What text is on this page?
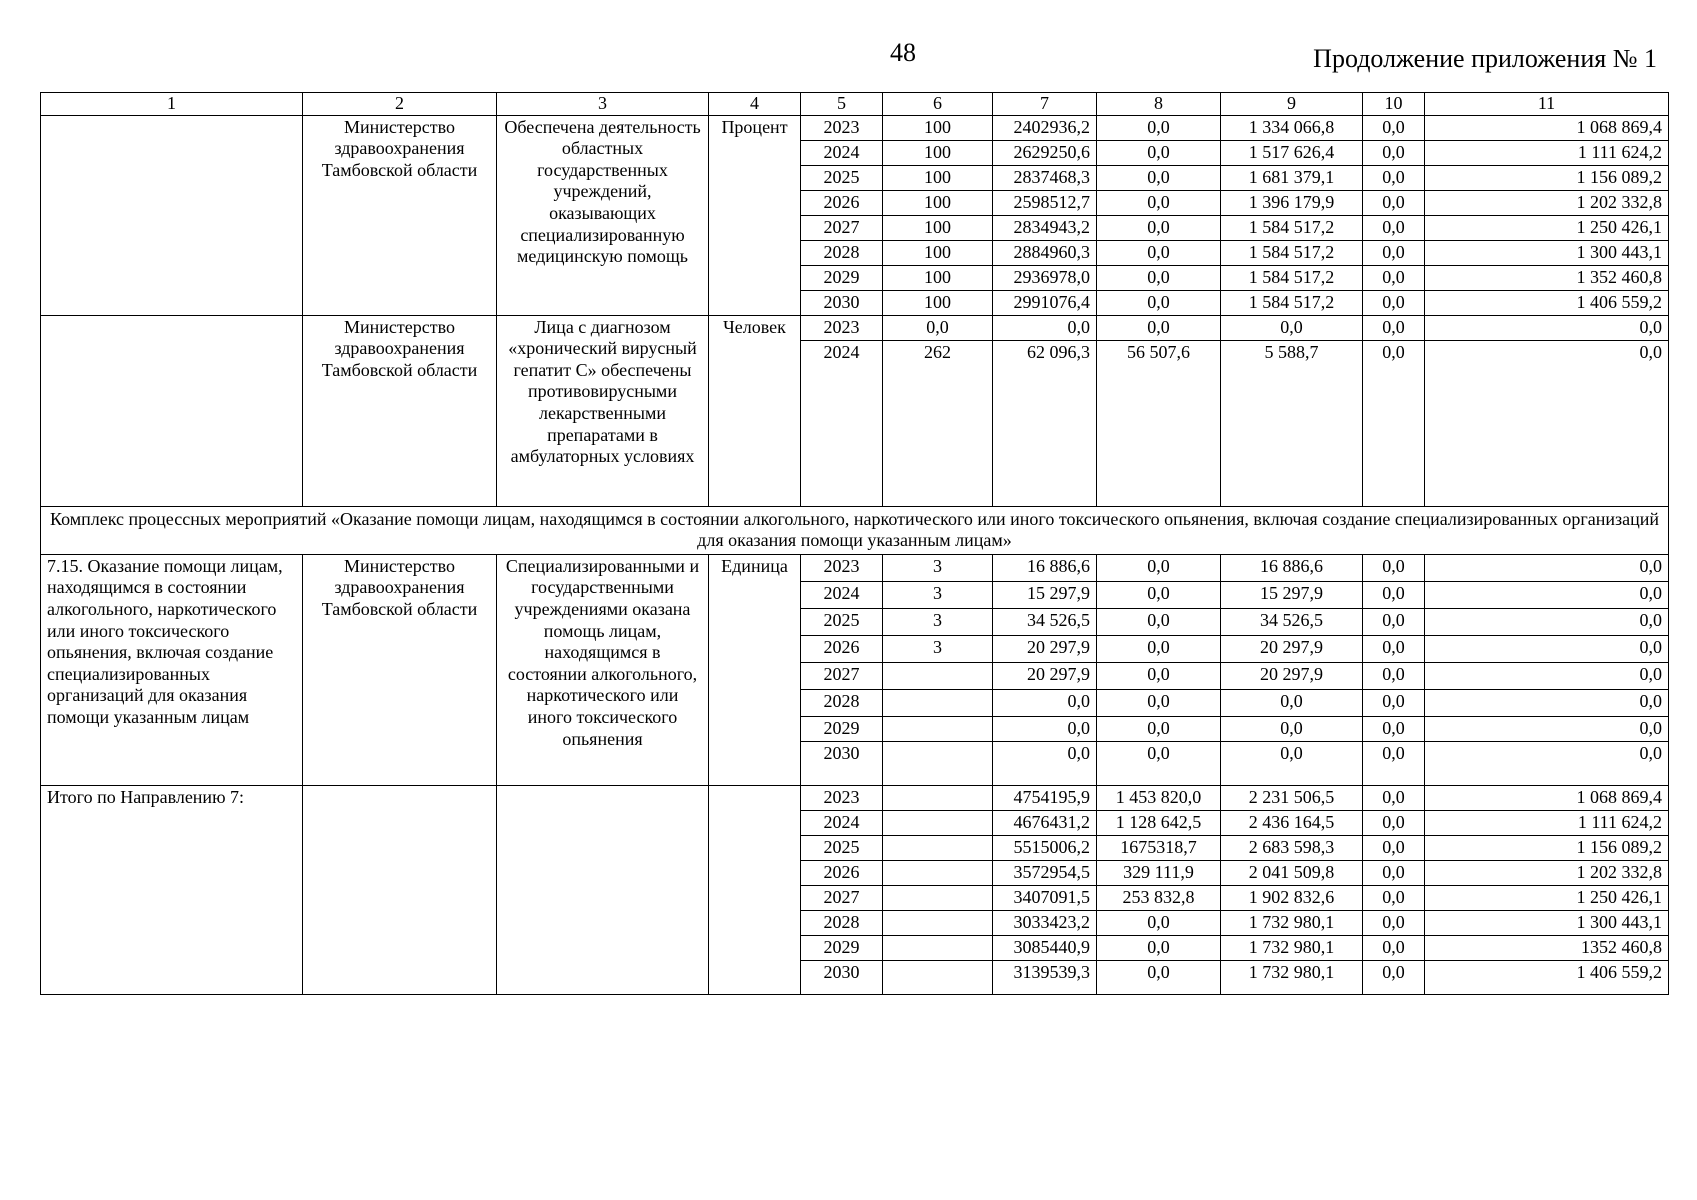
48	Продолжение приложения № 1
1	2	3	4	5	6	7	8	9	10	11
	Министерство здравоохранения Тамбовской области	Обеспечена деятельность областных государственных учреждений, оказывающих специализированную медицинскую помощь	Процент	2023	100	2402936,2	0,0	1 334 066,8	0,0	1 068 869,4
				2024	100	2629250,6	0,0	1 517 626,4	0,0	1 111 624,2
				2025	100	2837468,3	0,0	1 681 379,1	0,0	1 156 089,2
				2026	100	2598512,7	0,0	1 396 179,9	0,0	1 202 332,8
				2027	100	2834943,2	0,0	1 584 517,2	0,0	1 250 426,1
				2028	100	2884960,3	0,0	1 584 517,2	0,0	1 300 443,1
				2029	100	2936978,0	0,0	1 584 517,2	0,0	1 352 460,8
				2030	100	2991076,4	0,0	1 584 517,2	0,0	1 406 559,2
	Министерство здравоохранения Тамбовской области	Лица с диагнозом «хронический вирусный гепатит С» обеспечены противовирусными лекарственными препаратами в амбулаторных условиях	Человек	2023	0,0	0,0	0,0	0,0	0,0	0,0
				2024	262	62 096,3	56 507,6	5 588,7	0,0	0,0
Комплекс процессных мероприятий «Оказание помощи лицам, находящимся в состоянии алкогольного, наркотического или иного токсического опьянения, включая создание специализированных организаций для оказания помощи указанным лицам»										
7.15. Оказание помощи лицам, находящимся в состоянии алкогольного, наркотического или иного токсического опьянения, включая создание специализированных организаций для оказания помощи указанным лицам	Министерство здравоохранения Тамбовской области	Специализированными и государственными учреждениями оказана помощь лицам, находящимся в состоянии алкогольного, наркотического или иного токсического опьянения	Единица	2023	3	16 886,6	0,0	16 886,6	0,0	0,0
				2024	3	15 297,9	0,0	15 297,9	0,0	0,0
				2025	3	34 526,5	0,0	34 526,5	0,0	0,0
				2026	3	20 297,9	0,0	20 297,9	0,0	0,0
				2027		20 297,9	0,0	20 297,9	0,0	0,0
				2028		0,0	0,0	0,0	0,0	0,0
				2029		0,0	0,0	0,0	0,0	0,0
				2030		0,0	0,0	0,0	0,0	0,0
Итого по Направлению 7:				2023		4754195,9	1 453 820,0	2 231 506,5	0,0	1 068 869,4
				2024		4676431,2	1 128 642,5	2 436 164,5	0,0	1 111 624,2
				2025		5515006,2	1675318,7	2 683 598,3	0,0	1 156 089,2
				2026		3572954,5	329 111,9	2 041 509,8	0,0	1 202 332,8
				2027		3407091,5	253 832,8	1 902 832,6	0,0	1 250 426,1
				2028		3033423,2	0,0	1 732 980,1	0,0	1 300 443,1
				2029		3085440,9	0,0	1 732 980,1	0,0	1352 460,8
				2030		3139539,3	0,0	1 732 980,1	0,0	1 406 559,2
